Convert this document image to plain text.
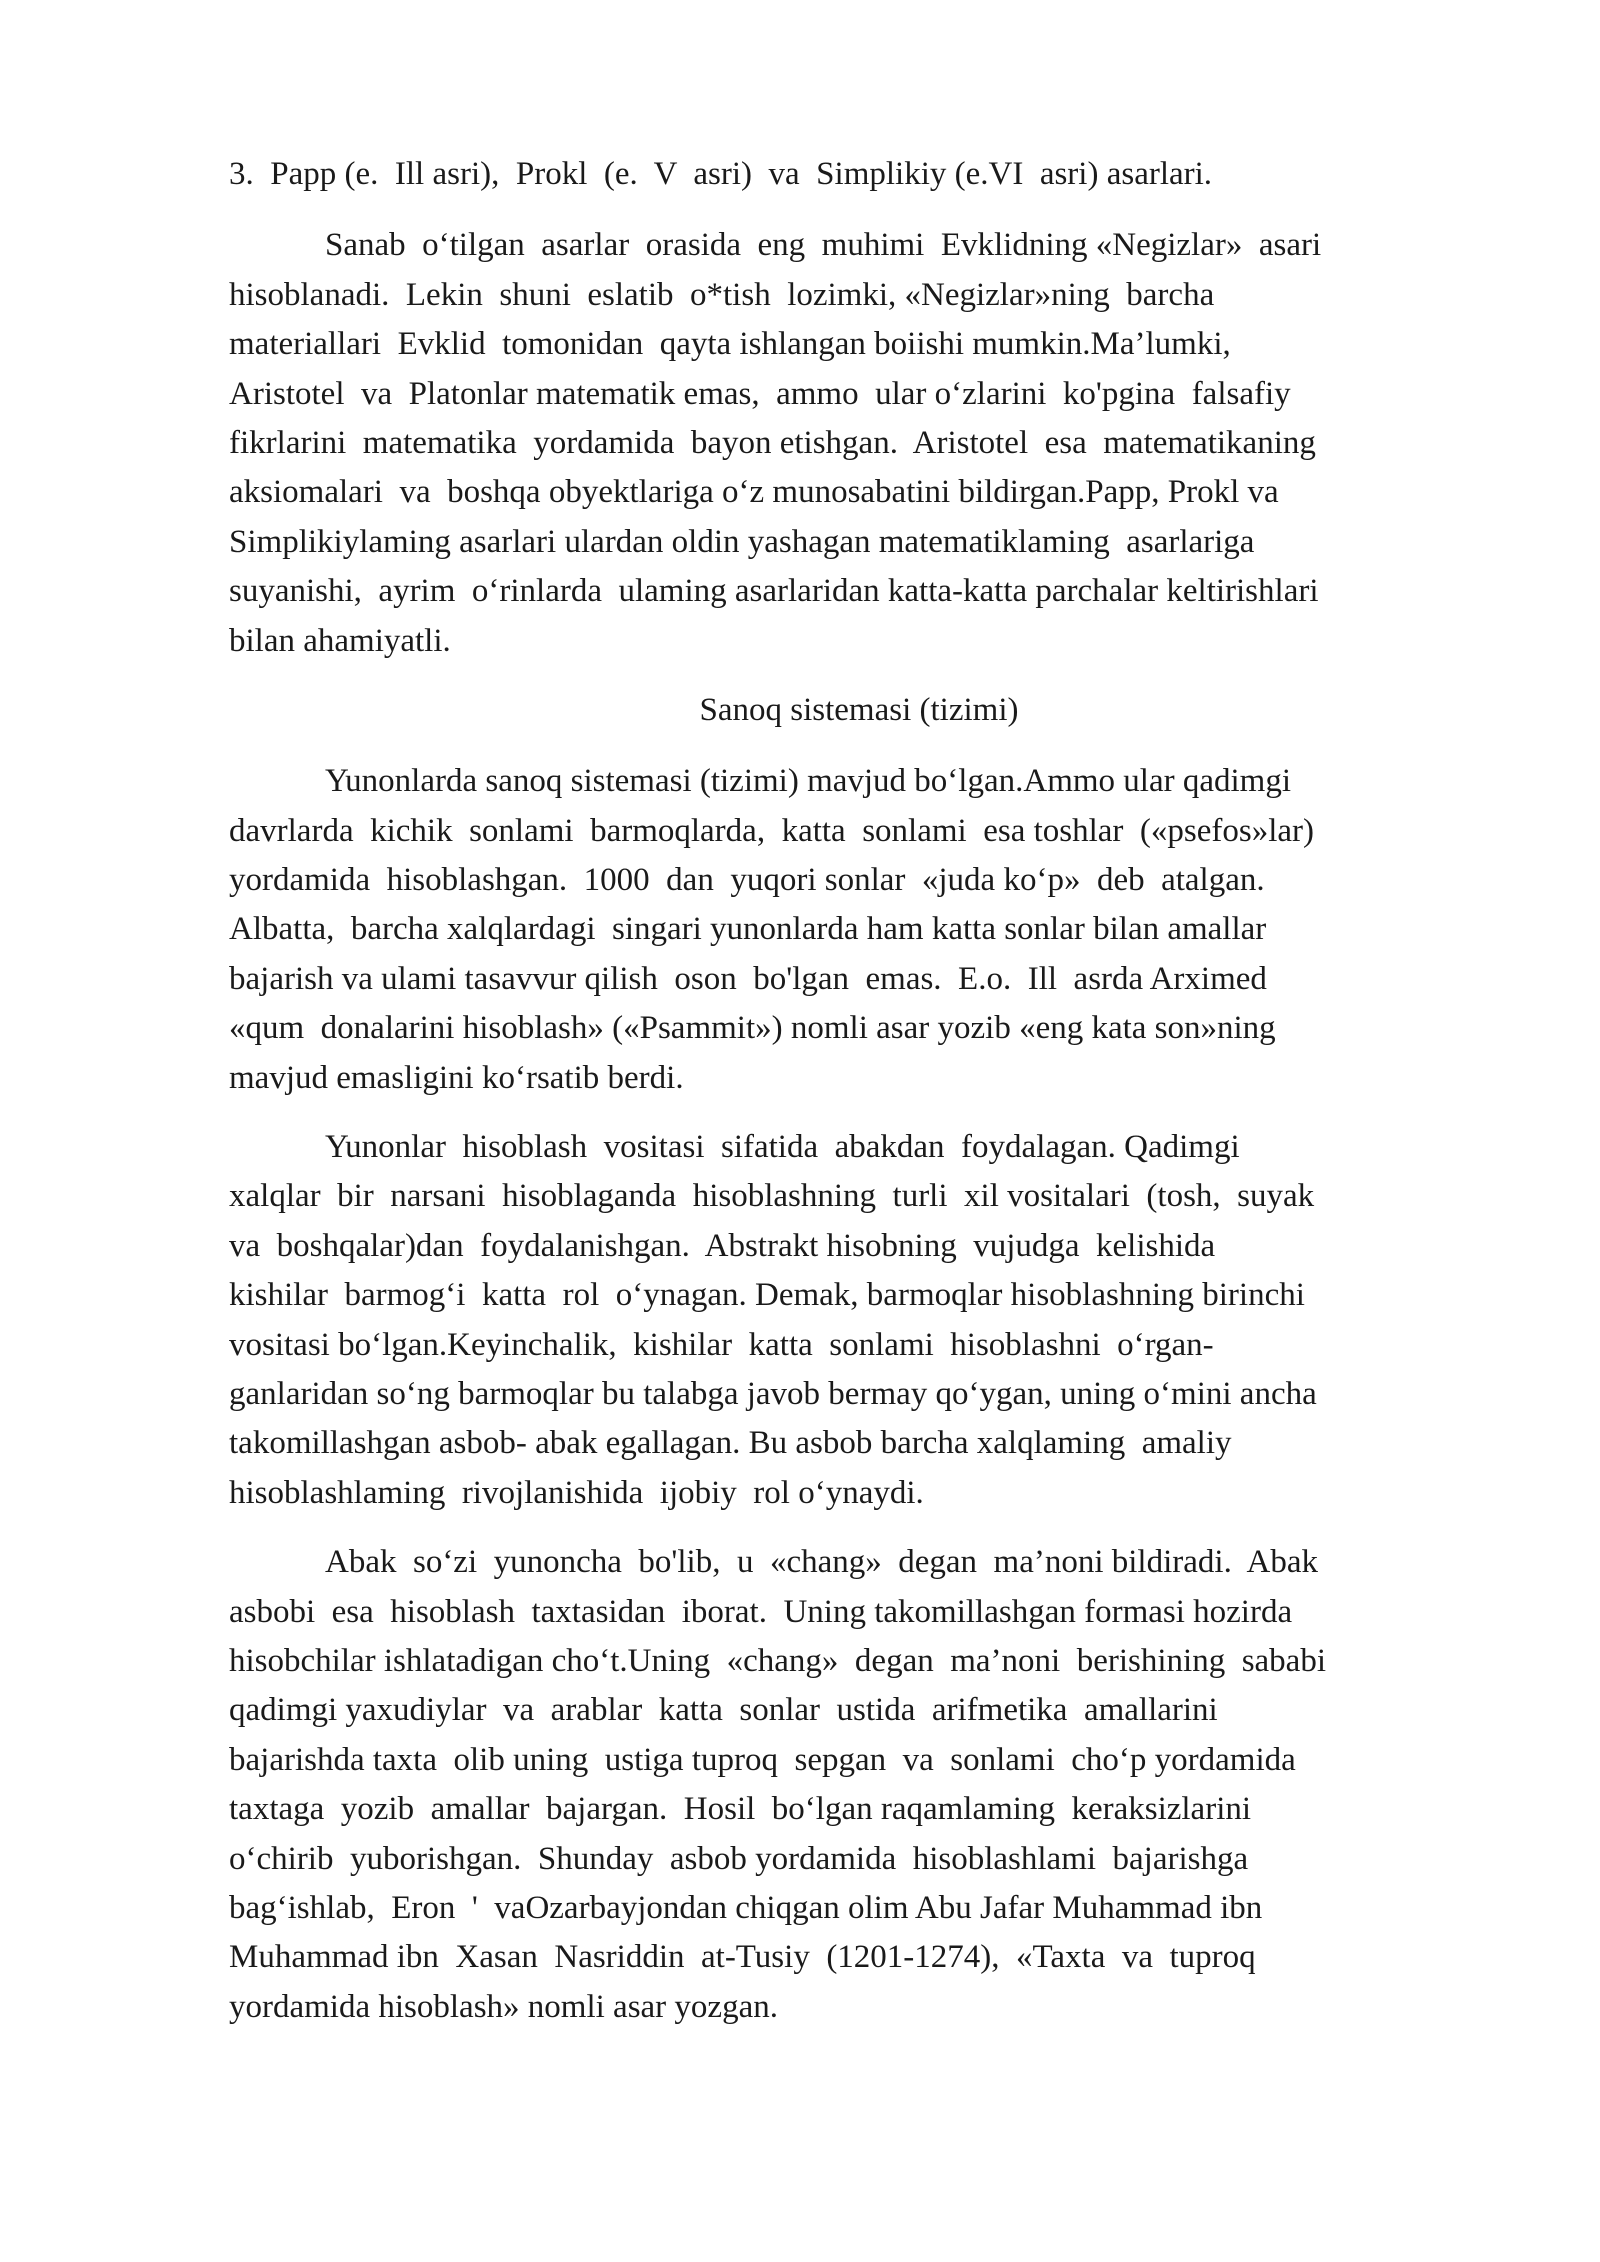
3.  Papp (e.  Ill asri),  Prokl  (e.  V  asri)  va  Simplikiy (e.VI  asri) asarlari.
Sanab  o‘tilgan  asarlar  orasida  eng  muhimi  Evklidning «Negizlar»  asari
hisoblanadi.  Lekin  shuni  eslatib  o*tish  lozimki, «Negizlar»ning  barcha
materiallari  Evklid  tomonidan  qayta ishlangan boiishi mumkin.Ma’lumki,
Aristotel  va  Platonlar matematik emas,  ammo  ular o‘zlarini  ko'pgina  falsafiy
fikrlarini  matematika  yordamida  bayon etishgan.  Aristotel  esa  matematikaning
aksiomalari  va  boshqa obyektlariga o‘z munosabatini bildirgan.Papp, Prokl va
Simplikiylaming asarlari ulardan oldin yashagan matematiklaming  asarlariga
suyanishi,  ayrim  o‘rinlarda  ulaming asarlaridan katta-katta parchalar keltirishlari
bilan ahamiyatli.
Sanoq sistemasi (tizimi)
Yunonlarda sanoq sistemasi (tizimi) mavjud bo‘lgan.Ammo ular qadimgi
davrlarda  kichik  sonlami  barmoqlarda,  katta  sonlami  esa toshlar  («psefos»lar)
yordamida  hisoblashgan.  1000  dan  yuqori sonlar  «juda ko‘p»  deb  atalgan.
Albatta,  barcha xalqlardagi  singari yunonlarda ham katta sonlar bilan amallar
bajarish va ulami tasavvur qilish  oson  bo'lgan  emas.  E.o.  Ill  asrda Arximed
«qum  donalarini hisoblash» («Psammit») nomli asar yozib «eng kata son»ning
mavjud emasligini ko‘rsatib berdi.
Yunonlar  hisoblash  vositasi  sifatida  abakdan  foydalagan. Qadimgi
xalqlar  bir  narsani  hisoblaganda  hisoblashning  turli  xil vositalari  (tosh,  suyak
va  boshqalar)dan  foydalanishgan.  Abstrakt hisobning  vujudga  kelishida
kishilar  barmog‘i  katta  rol  o‘ynagan. Demak, barmoqlar hisoblashning birinchi
vositasi bo‘lgan.Keyinchalik,  kishilar  katta  sonlami  hisoblashni  o‘rgan-
ganlaridan so‘ng barmoqlar bu talabga javob bermay qo‘ygan, uning o‘mini ancha
takomillashgan asbob- abak egallagan. Bu asbob barcha xalqlaming  amaliy
hisoblashlaming  rivojlanishida  ijobiy  rol o‘ynaydi.
Abak  so‘zi  yunoncha  bo'lib,  u  «chang»  degan  ma’noni bildiradi.  Abak
asbobi  esa  hisoblash  taxtasidan  iborat.  Uning takomillashgan formasi hozirda
hisobchilar ishlatadigan cho‘t.Uning  «chang»  degan  ma’noni  berishining  sababi
qadimgi yaxudiylar  va  arablar  katta  sonlar  ustida  arifmetika  amallarini
bajarishda taxta  olib uning  ustiga tuproq  sepgan  va  sonlami  cho‘p yordamida
taxtaga  yozib  amallar  bajargan.  Hosil  bo‘lgan raqamlaming  keraksizlarini
o‘chirib  yuborishgan.  Shunday  asbob yordamida  hisoblashlami  bajarishga
bag‘ishlab,  Eron  '  vaOzarbayjondan chiqgan olim Abu Jafar Muhammad ibn
Muhammad ibn  Xasan  Nasriddin  at-Tusiy  (1201-1274),  «Taxta  va  tuproq
yordamida hisoblash» nomli asar yozgan.
